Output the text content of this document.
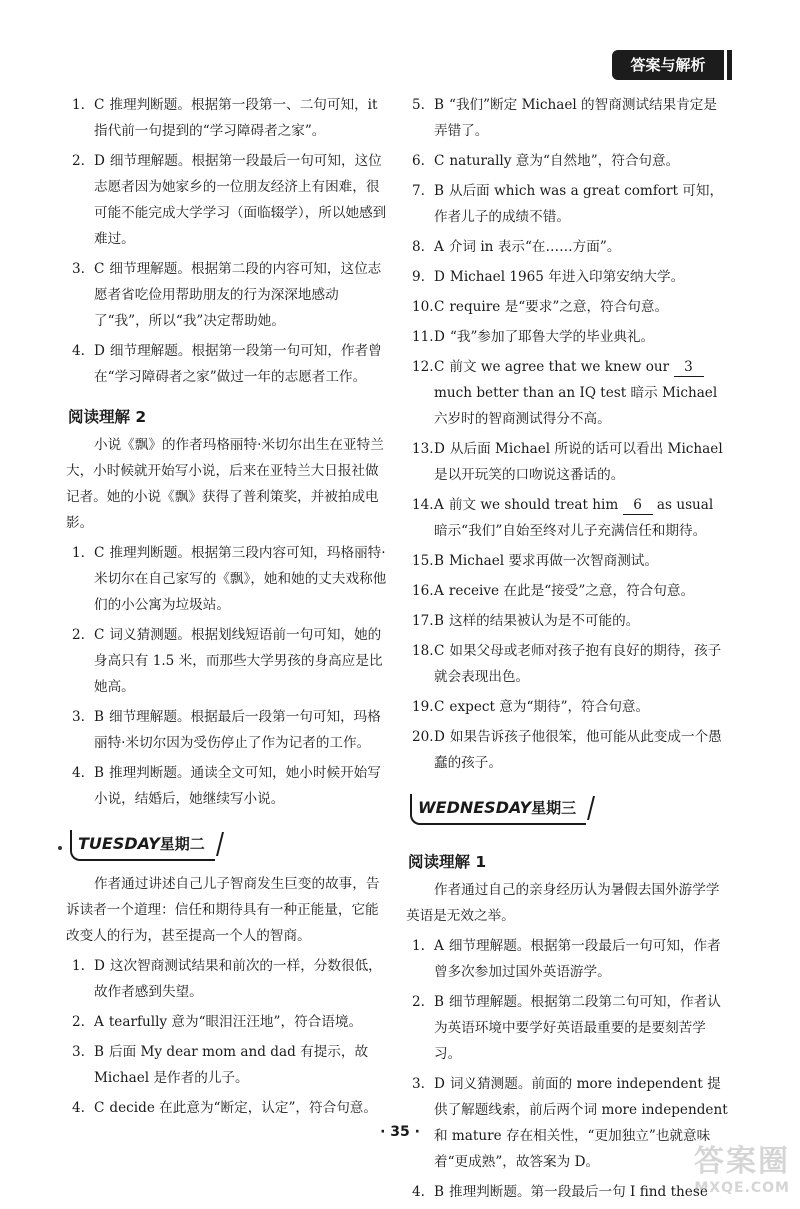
答案与解析
1. C 推理判断题。根据第一段第一、二句可知，it 指代前一句提到的“学习障碍者之家”。
2. D 细节理解题。根据第一段最后一句可知，这位志愿者因为她家乡的一位朋友经济上有困难，很可能不能完成大学学习（面临辍学），所以她感到难过。
3. C 细节理解题。根据第二段的内容可知，这位志愿者省吃俭用帮助朋友的行为深深地感动了“我”，所以“我”决定帮助她。
4. D 细节理解题。根据第一段第一句可知，作者曾在“学习障碍者之家”做过一年的志愿者工作。
阅读理解 2
小说《飘》的作者玛格丽特·米切尔出生在亚特兰大，小时候就开始写小说，后来在亚特兰大日报社做记者。她的小说《飘》获得了普利策奖，并被拍成电影。
1. C 推理判断题。根据第三段内容可知，玛格丽特·米切尔在自己家写的《飘》，她和她的丈夫戏称他们的小公寓为垃圾站。
2. C 词义猜测题。根据划线短语前一句可知，她的身高只有 1.5 米，而那些大学男孩的身高应是比她高。
3. B 细节理解题。根据最后一段第一句可知，玛格丽特·米切尔因为受伤停止了作为记者的工作。
4. B 推理判断题。通读全文可知，她小时候开始写小说，结婚后，她继续写小说。
TUESDAY星期二
作者通过讲述自己儿子智商发生巨变的故事，告诉读者一个道理：信任和期待具有一种正能量，它能改变人的行为，甚至提高一个人的智商。
1. D 这次智商测试结果和前次的一样，分数很低，故作者感到失望。
2. A tearfully 意为“眼泪汪汪地”，符合语境。
3. B 后面 My dear mom and dad 有提示，故 Michael 是作者的儿子。
4. C decide 在此意为“断定，认定”，符合句意。
5. B “我们”断定 Michael 的智商测试结果肯定是弄错了。
6. C naturally 意为“自然地”，符合句意。
7. B 从后面 which was a great comfort 可知，作者儿子的成绩不错。
8. A 介词 in 表示“在……方面”。
9. D Michael 1965 年进入印第安纳大学。
10. C require 是“要求”之意，符合句意。
11. D “我”参加了耶鲁大学的毕业典礼。
12. C 前文 we agree that we knew our 3 much better than an IQ test 暗示 Michael 六岁时的智商测试得分不高。
13. D 从后面 Michael 所说的话可以看出 Michael 是以开玩笑的口吻说这番话的。
14. A 前文 we should treat him 6 as usual 暗示“我们”自始至终对儿子充满信任和期待。
15. B Michael 要求再做一次智商测试。
16. A receive 在此是“接受”之意，符合句意。
17. B 这样的结果被认为是不可能的。
18. C 如果父母或老师对孩子抱有良好的期待，孩子就会表现出色。
19. C expect 意为“期待”，符合句意。
20. D 如果告诉孩子他很笨，他可能从此变成一个愚蠢的孩子。
WEDNESDAY星期三
阅读理解 1
作者通过自己的亲身经历认为暑假去国外游学学英语是无效之举。
1. A 细节理解题。根据第一段最后一句可知，作者曾多次参加过国外英语游学。
2. B 细节理解题。根据第二段第二句可知，作者认为英语环境中要学好英语最重要的是要刻苦学习。
3. D 词义猜测题。前面的 more independent 提供了解题线索，前后两个词 more independent 和 mature 存在相关性，“更加独立”也就意味着“更成熟”，故答案为 D。
4. B 推理判断题。第一段最后一句 I find these
· 35 ·
答案圈
MXQE.COM
